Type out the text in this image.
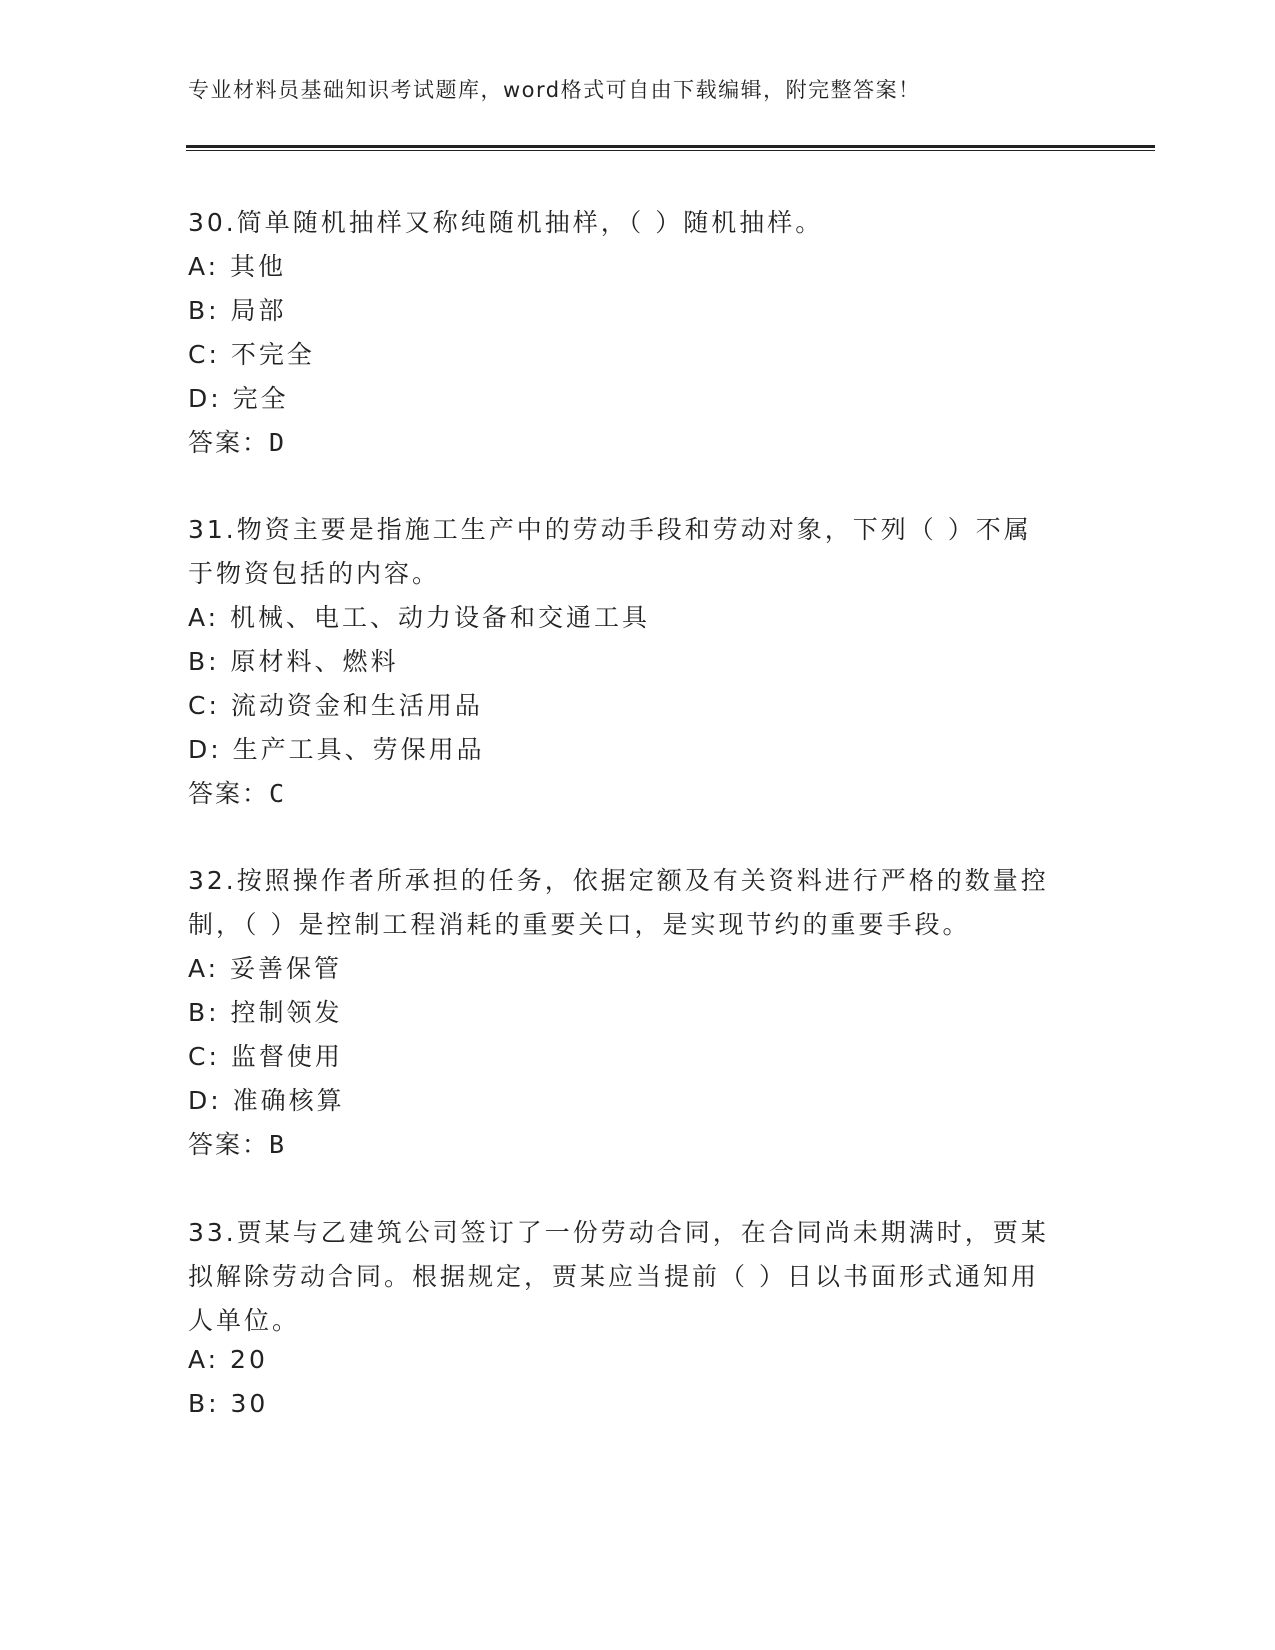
专业材料员基础知识考试题库，word格式可自由下载编辑，附完整答案！
30.简单随机抽样又称纯随机抽样，（ ）随机抽样。
A: 其他
B: 局部
C: 不完全
D: 完全
答案：D
31.物资主要是指施工生产中的劳动手段和劳动对象，下列（ ）不属
于物资包括的内容。
A: 机械、电工、动力设备和交通工具
B: 原材料、燃料
C: 流动资金和生活用品
D: 生产工具、劳保用品
答案：C
32.按照操作者所承担的任务，依据定额及有关资料进行严格的数量控
制，（ ）是控制工程消耗的重要关口，是实现节约的重要手段。
A: 妥善保管
B: 控制领发
C: 监督使用
D: 准确核算
答案：B
33.贾某与乙建筑公司签订了一份劳动合同，在合同尚未期满时，贾某
拟解除劳动合同。根据规定，贾某应当提前（ ）日以书面形式通知用
人单位。
A: 20
B: 30
